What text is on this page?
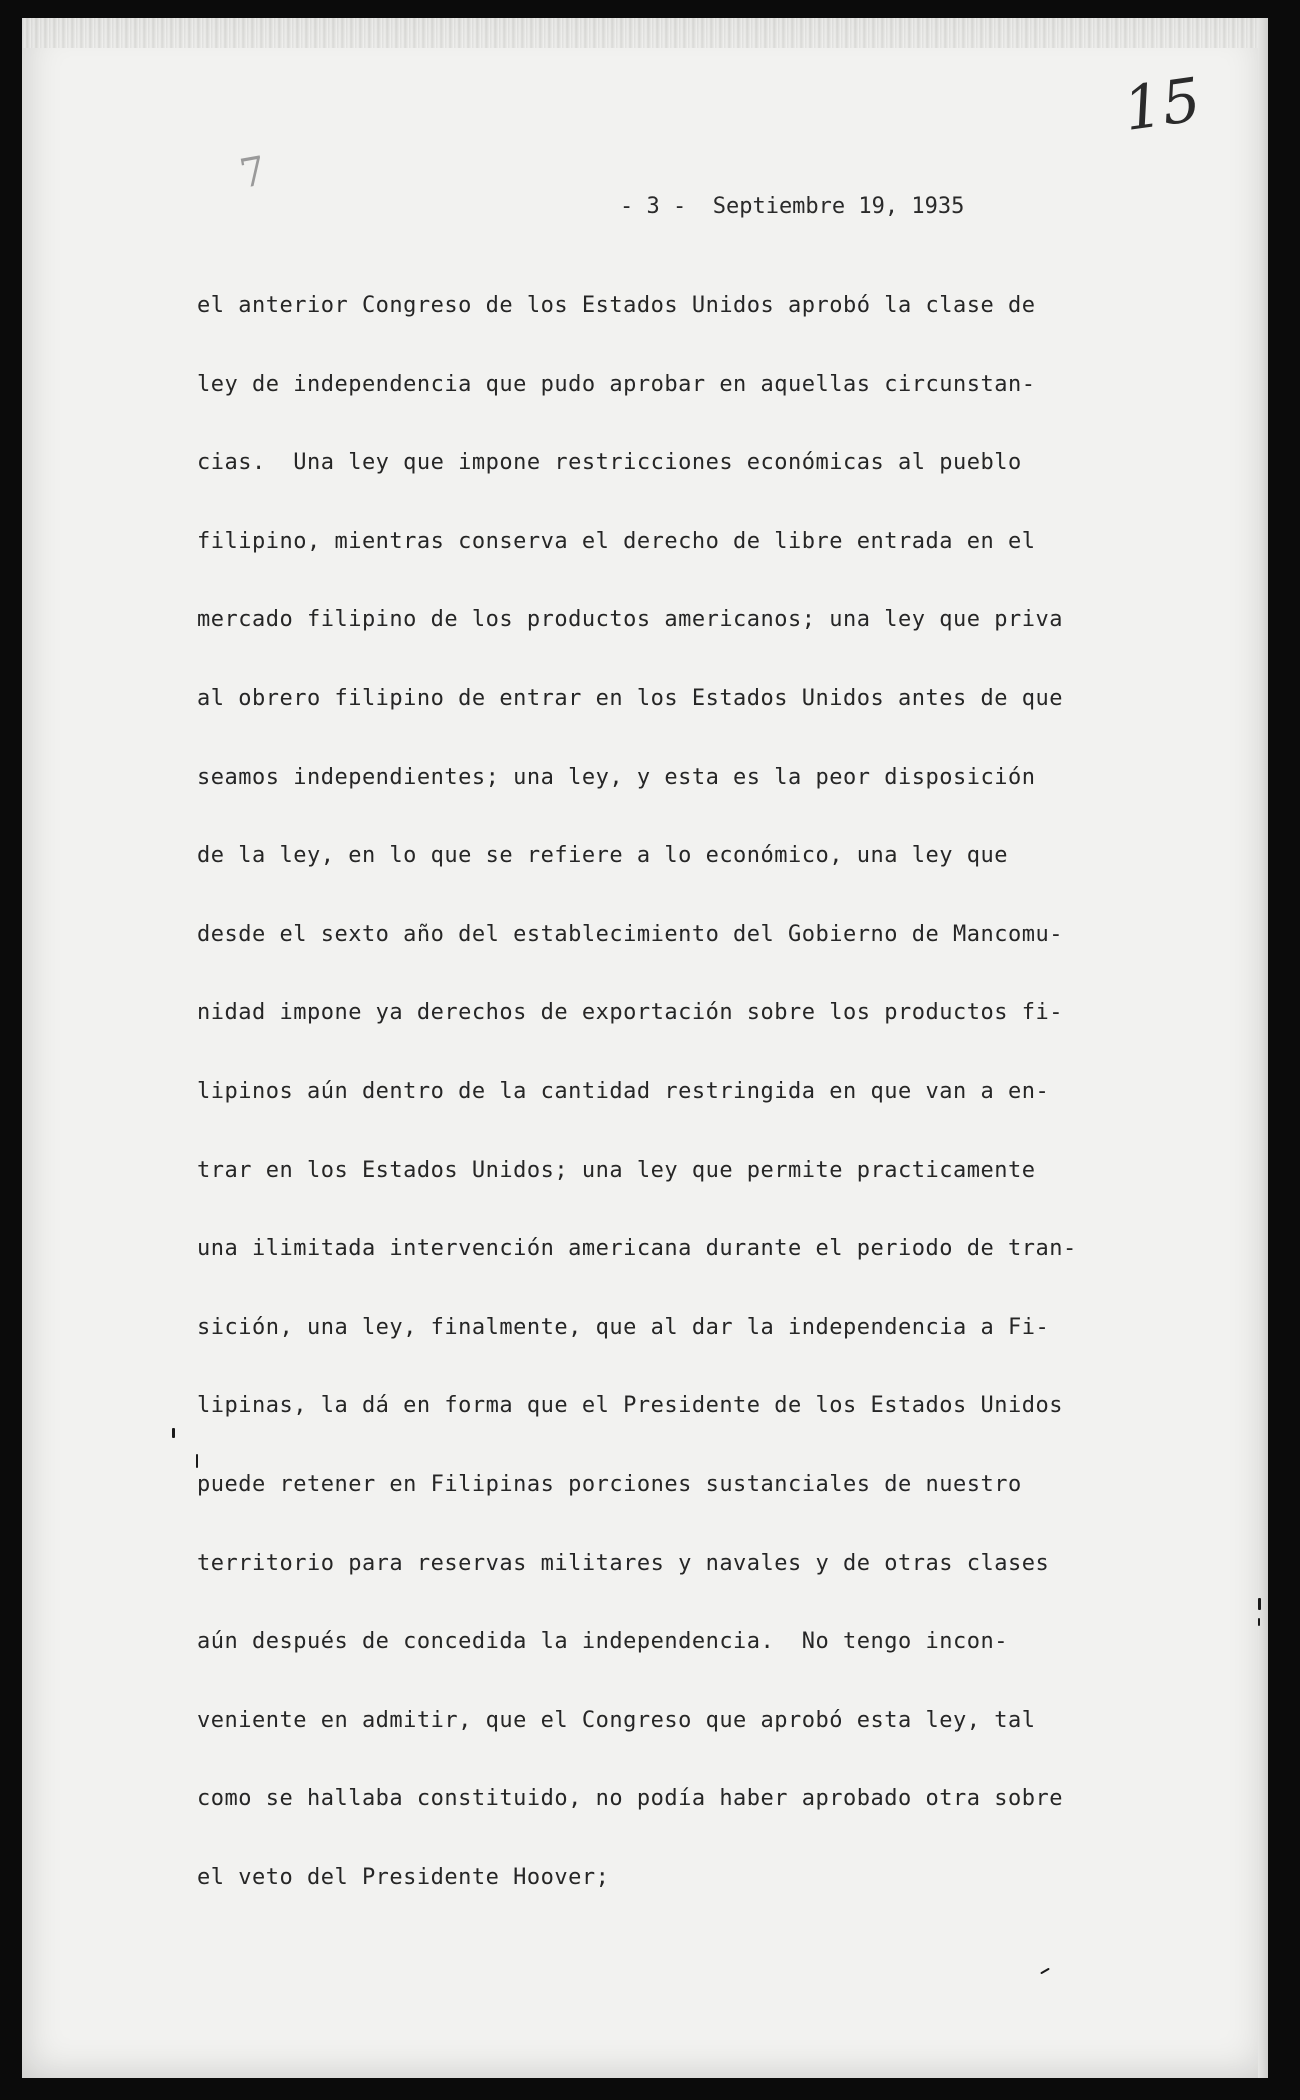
7
15
- 3 -  Septiembre 19, 1935
el anterior Congreso de los Estados Unidos aprobó la clase de
ley de independencia que pudo aprobar en aquellas circunstan-
cias.  Una ley que impone restricciones económicas al pueblo
filipino, mientras conserva el derecho de libre entrada en el
mercado filipino de los productos americanos; una ley que priva
al obrero filipino de entrar en los Estados Unidos antes de que
seamos independientes; una ley, y esta es la peor disposición
de la ley, en lo que se refiere a lo económico, una ley que
desde el sexto año del establecimiento del Gobierno de Mancomu-
nidad impone ya derechos de exportación sobre los productos fi-
lipinos aún dentro de la cantidad restringida en que van a en-
trar en los Estados Unidos; una ley que permite practicamente
una ilimitada intervención americana durante el periodo de tran-
sición, una ley, finalmente, que al dar la independencia a Fi-
lipinas, la dá en forma que el Presidente de los Estados Unidos
puede retener en Filipinas porciones sustanciales de nuestro
territorio para reservas militares y navales y de otras clases
aún después de concedida la independencia.  No tengo incon-
veniente en admitir, que el Congreso que aprobó esta ley, tal
como se hallaba constituido, no podía haber aprobado otra sobre
el veto del Presidente Hoover;
